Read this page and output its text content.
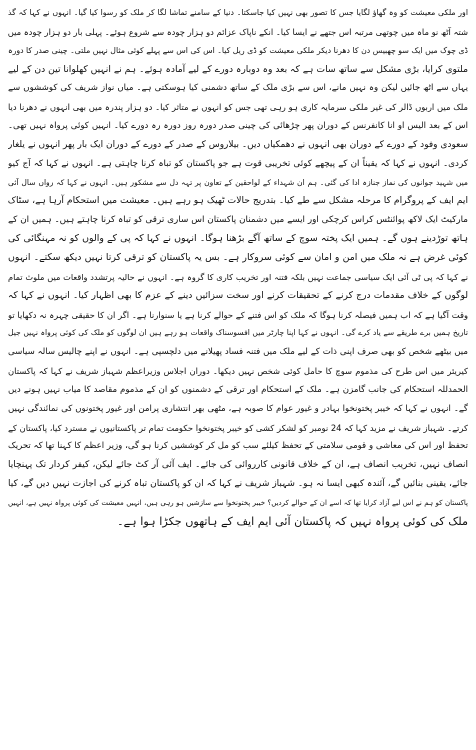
اور ملکی معیشت کو وہ گھاؤ لگایا جس کا تصور بھی نہیں کیا جاسکتا۔ دنیا کے سامنے تماشا لگا کر ملک کو رسوا کیا گیا۔ انہوں نے کہا کہ گذ
شتہ آٹھ نو ماہ میں چوتھی مرتبہ اس جتھے نے ایسا کیا۔ انکے ناپاک عزائم دو ہزار چودہ سے شروع ہوئے۔ پہلی بار دو ہزار چودہ میں
ڈی چوک میں ایک سو چھبیس دن کا دھرنا دیکر ملکی معیشت کو ڈی ریل کیا۔ اس کی اس سے پہلے کوئی مثال نہیں ملتی۔ چینی صدر کا دورہ
ملتوی کرایا، بڑی مشکل سے ساتھ سات ہے کہ بعد وہ دوبارہ دورے کے لیے آمادہ ہوئے۔ ہم نے انہیں کھلوانا تین دن کے لیے
یہاں سے اٹھ جائیں لیکن وہ نہیں مانے، اس سے بڑی ملک کے ساتھ دشمنی کیا ہوسکتی ہے۔ میاں نواز شریف کی کوششوں سے
ملک میں اربوں ڈالر کی غیر ملکی سرمایہ کاری ہو رہی تھی جس کو انہوں نے متاثر کیا۔ دو ہزار پندرہ میں بھی انہوں نے دھرنا دیا
اس کے بعد الیس او انا کانفرنس کے دوران پھر چڑھائی کی چینی صدر دورہ روز دورہ رہ دورے کیا۔ انہیں کوئی پرواہ نہیں تھی۔
سعودی وفود کے دورے کے دوران بھی انہوں نے دھمکیاں دیں۔ بیلاروس کے صدر کے دورے کے دوران ایک بار پھر انہوں نے یلغار
کردی۔ انہوں نے کہا کہ یقیناً ان کے پیچھے کوئی تخریبی قوت ہے جو پاکستان کو تباہ کرنا چاہتی ہے۔ انہوں نے کہا کہ آج کیو
میں شہید جوانوں کی نماز جنازہ ادا کی گئی۔ ہم ان شہداء کے لواحقین کے تعاون پر تہہ دل سے مشکور ہیں۔ انہوں نے کہا کہ رواں سال آئی
ایم ایف کے پروگرام کا مرحلہ مشکل سے طے کیا۔ بتدریج حالات ٹھیک ہو رہے ہیں۔ معیشت میں استحکام آرہا ہے، سٹاک
مارکیٹ ایک لاکھ پوائنٹس کراس کرچکی اور ایسے میں دشمنان پاکستان اس ساری ترقی کو تباہ کرنا چاہتے ہیں۔ ہمیں ان کے
ہاتھ توڑدینے ہوں گے۔ ہمیں ایک پختہ سوچ کے ساتھ آگے بڑھنا ہوگا۔ انہوں نے کہا کہ پی کے والوں کو نہ مہنگائی کی
کوئی غرض ہے نہ ملک میں امن و امان سے کوئی سروکار ہے۔ بس یہ پاکستان کو ترقی کرتا نہیں دیکھ سکتے۔ انہوں
نے کہا کہ پی ٹی آئی ایک سیاسی جماعت نہیں بلکہ فتنہ اور تخریب کاری کا گروہ ہے۔ انہوں نے حالیہ پرتشدد واقعات میں ملوث تمام
لوگوں کے خلاف مقدمات درج کرنے کے تحقیقات کرنے اور سخت سزائیں دینے کے عزم کا بھی اظہار کیا۔ انہوں نے کہا کہ
وقت آگیا ہے کہ اب ہمیں فیصلہ کرنا ہوگا کہ ملک کو اس فتنے کے حوالے کرنا ہے یا سنوارنا ہے۔ اگر ان کا حقیقی چہرہ نہ دکھایا تو
تاریخ ہمیں برے طریقے سے یاد کرے گی۔ انہوں نے کہا اپنا چارٹر میں افسوسناک واقعات ہو رہے ہیں ان لوگوں کو ملک کی کوئی پرواہ نہیں جیل
میں بیٹھے شخص کو بھی صرف اپنی ذات کے لیے ملک میں فتنہ فساد پھیلانے میں دلچسپی ہے۔ انہوں نے اپنے چالیس سالہ سیاسی
کیریئر میں اس طرح کی مذموم سوچ کا حامل کوئی شخص نہیں دیکھا۔ دوران اجلاس وزیراعظم شہباز شریف نے کہا کہ پاکستان
الحمدللہ استحکام کی جانب گامزن ہے۔ ملک کے استحکام اور ترقی کے دشمنوں کو ان کے مذموم مقاصد کا میاب نہیں ہونے دیں
گے۔ انہوں نے کہا کہ خیبر پختونخوا بہادر و غیور عوام کا صوبہ ہے، مٹھی بھر انتشاری پرامن اور غیور پختونوں کی نمائندگی نہیں
کرتے۔ شہباز شریف نے مزید کہا کہ 24 نومبر کو لشکر کشی کو خیبر پختونخوا حکومت تمام تر پاکستانیوں نے مسترد کیا، پاکستان کے
تحفظ اور اس کی معاشی و قومی سلامتی کے تحفظ کیلئے سب کو مل کر کوششیں کرنا ہو گی، وزیر اعظم کا کہنا تھا کہ تحریک
انصاف نہیں، تخریب انصاف ہے، ان کے خلاف قانونی کارروائی کی جائے۔ ایف آئی آر کٹ جائے لیکن، کیفر کردار تک پہنچایا
جائے، یقینی بنائیں گے، آئندہ کبھی ایسا نہ ہو۔ شہباز شریف نے کہا کہ ان کو پاکستان تباہ کرنے کی اجازت نہیں دیں گے، کیا
پاکستان کو ہم نے اس لیے آزاد کرایا تھا کہ اسے ان کے حوالے کردیں؟ خیبر پختونخوا سے سازشیں ہو رہی ہیں، انہیں معیشت کی کوئی پرواہ نہیں ہے، انہیں
ملک کی کوئی پرواہ نہیں کہ پاکستان آئی ایم ایف کے ہاتھوں جکڑا ہوا ہے۔
